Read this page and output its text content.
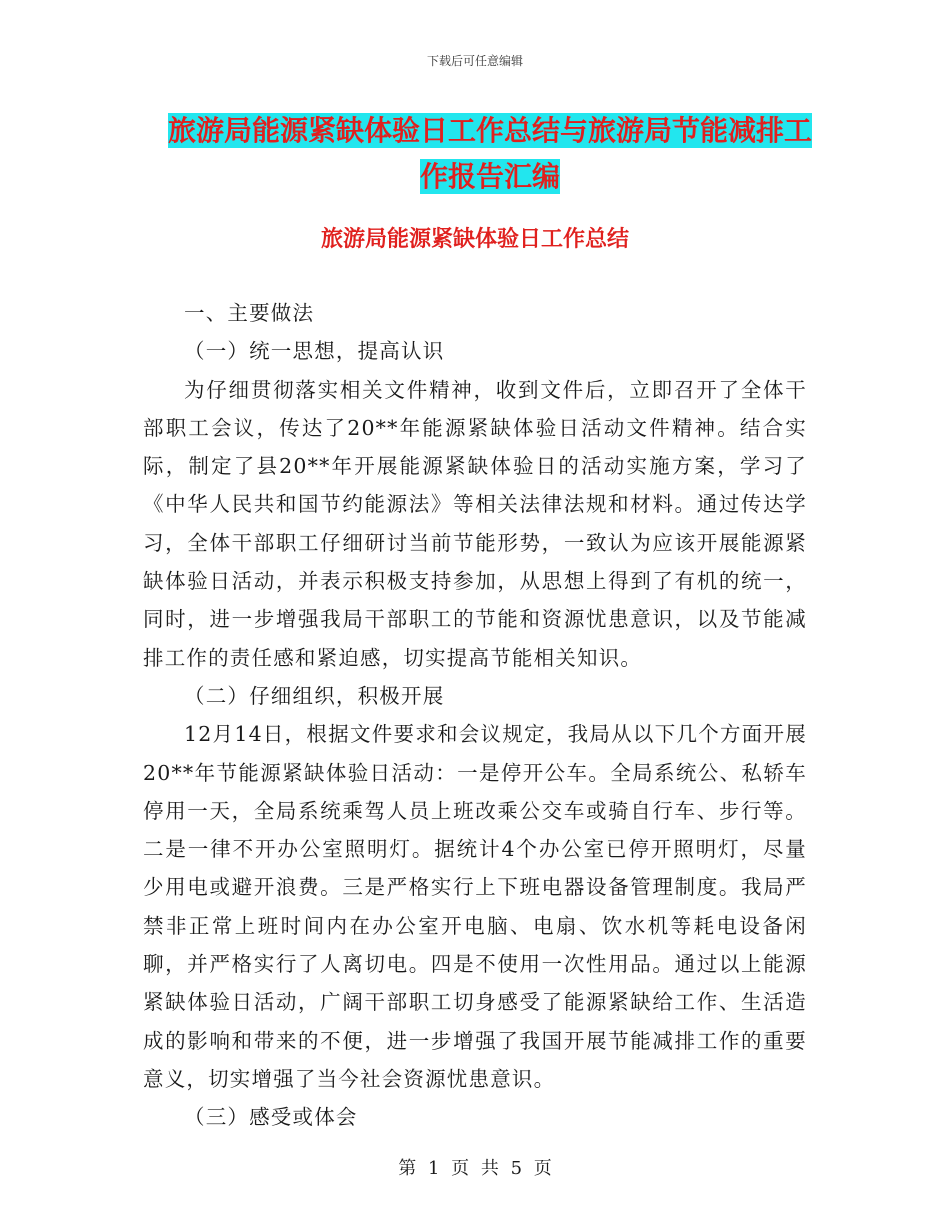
下载后可任意编辑
旅游局能源紧缺体验日工作总结与旅游局节能减排工
作报告汇编
旅游局能源紧缺体验日工作总结

一、主要做法

（一）统一思想，提高认识

为仔细贯彻落实相关文件精神，收到文件后，立即召开了全体干部职工会议，传达了20**年能源紧缺体验日活动文件精神。结合实际，制定了县20**年开展能源紧缺体验日的活动实施方案，学习了《中华人民共和国节约能源法》等相关法律法规和材料。通过传达学习，全体干部职工仔细研讨当前节能形势，一致认为应该开展能源紧缺体验日活动，并表示积极支持参加，从思想上得到了有机的统一，同时，进一步增强我局干部职工的节能和资源忧患意识，以及节能减排工作的责任感和紧迫感，切实提高节能相关知识。

（二）仔细组织，积极开展

12月14日，根据文件要求和会议规定，我局从以下几个方面开展20**年节能源紧缺体验日活动：一是停开公车。全局系统公、私轿车停用一天，全局系统乘驾人员上班改乘公交车或骑自行车、步行等。二是一律不开办公室照明灯。据统计4个办公室已停开照明灯，尽量少用电或避开浪费。三是严格实行上下班电器设备管理制度。我局严禁非正常上班时间内在办公室开电脑、电扇、饮水机等耗电设备闲聊，并严格实行了人离切电。四是不使用一次性用品。通过以上能源紧缺体验日活动，广阔干部职工切身感受了能源紧缺给工作、生活造成的影响和带来的不便，进一步增强了我国开展节能减排工作的重要意义，切实增强了当今社会资源忧患意识。

（三）感受或体会

第 1 页 共 5 页
